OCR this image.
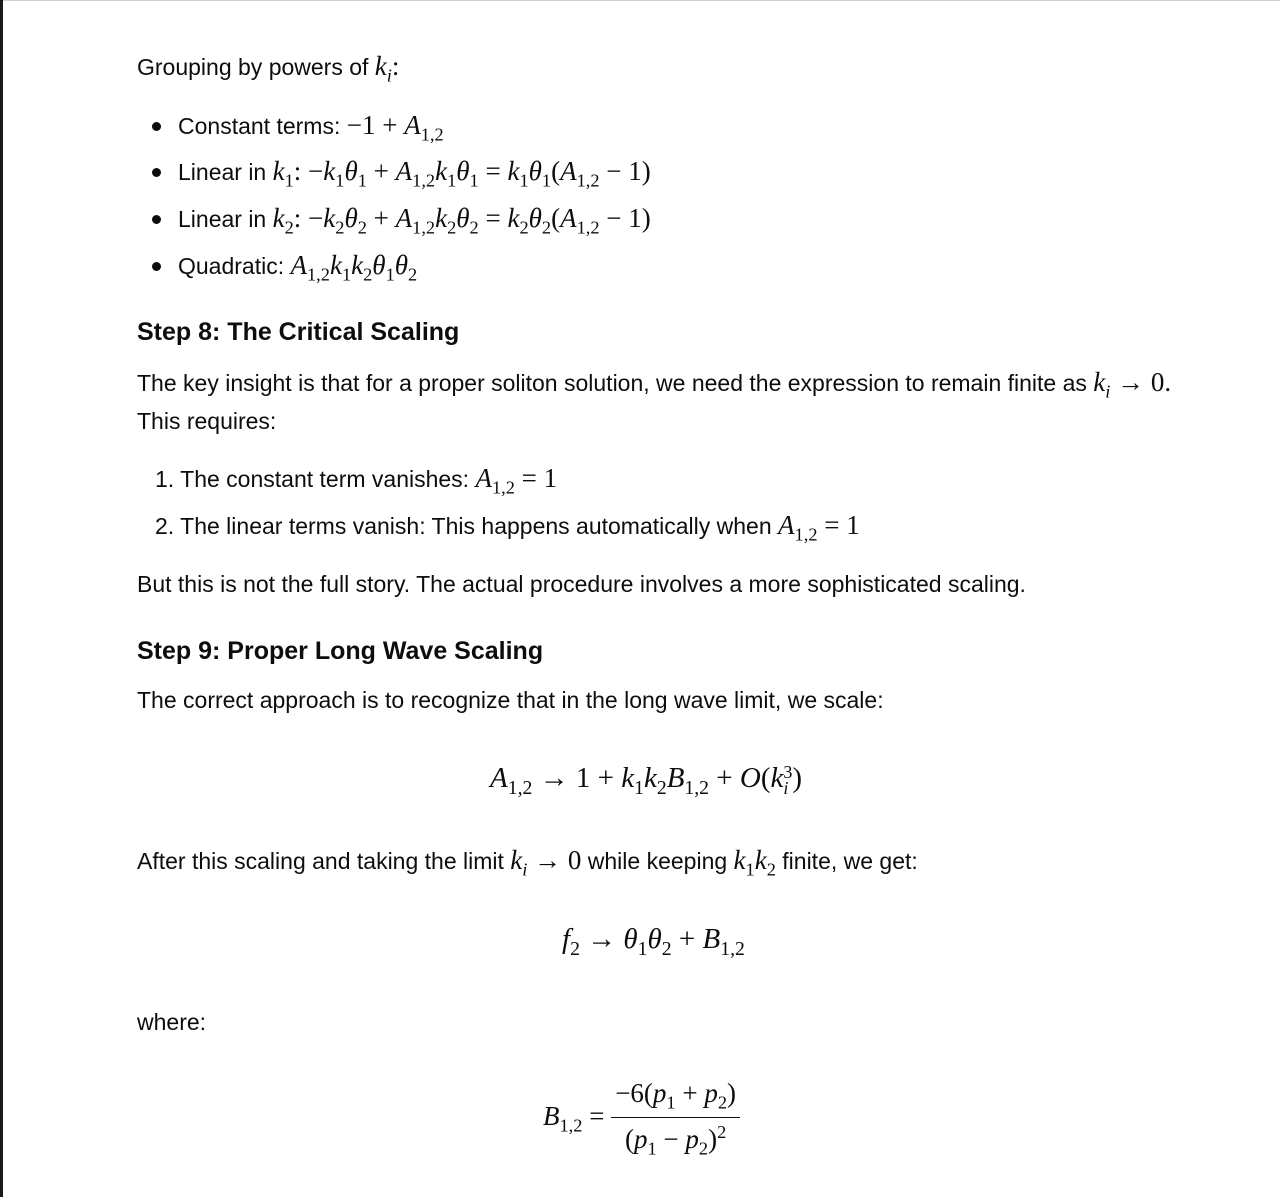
Grouping by powers of $k_i$:
Constant terms: $-1 + A_{1,2}$
Linear in $k_1$: $-k_1\theta_1 + A_{1,2}k_1\theta_1 = k_1\theta_1(A_{1,2} - 1)$
Linear in $k_2$: $-k_2\theta_2 + A_{1,2}k_2\theta_2 = k_2\theta_2(A_{1,2} - 1)$
Quadratic: $A_{1,2}k_1k_2\theta_1\theta_2$
Step 8: The Critical Scaling
The key insight is that for a proper soliton solution, we need the expression to remain finite as $k_i \to 0$.
This requires:
1. The constant term vanishes: $A_{1,2} = 1$
2. The linear terms vanish: This happens automatically when $A_{1,2} = 1$
But this is not the full story. The actual procedure involves a more sophisticated scaling.
Step 9: Proper Long Wave Scaling
The correct approach is to recognize that in the long wave limit, we scale:
$A_{1,2} \to 1 + k_1k_2B_{1,2} + O(k$ 3
i )
After this scaling and taking the limit $k_i \to 0$ while keeping $k_1k_2$ finite, we get:
$f_2 \to \theta_1\theta_2 + B_{1,2}$
where:
$B_{1,2} = \frac{-6(p_1 + p_2)}{(p_1 - p_2)^2}$
